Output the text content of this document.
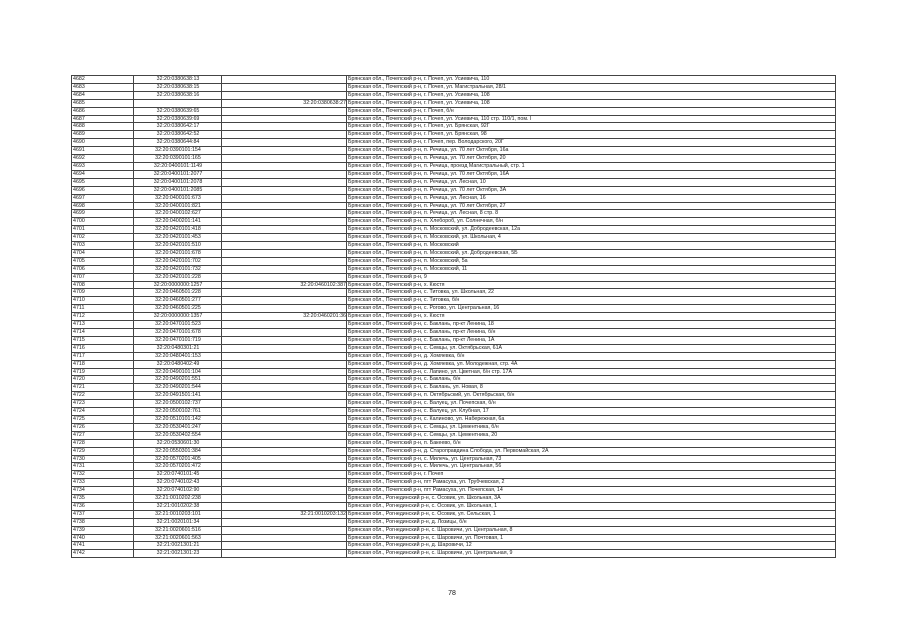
4682	32:20:0380638:13		Брянская обл., Почепский р-н, г. Почеп, ул. Усиевича, 110
4683	32:20:0380638:15		Брянская обл., Почепский р-н, г. Почеп, ул. Магистральная, 28/1
4684	32:20:0380638:16		Брянская обл., Почепский р-н, г. Почеп, ул. Усиевича, 108
4685		32:20:0380638:27	Брянская обл., Почепский р-н, г. Почеп, ул. Усиевича, 108
4686	32:20:0380639:65		Брянская обл., Почепский р-н, г. Почеп, б/н
4687	32:20:0380639:69		Брянская обл., Почепский р-н, г. Почеп, ул. Усиевича, 110 стр. 110/1, пом. I
4688	32:20:0380642:17		Брянская обл., Почепский р-н, г. Почеп, ул. Брянская, 92Г
4689	32:20:0380642:52		Брянская обл., Почепский р-н, г. Почеп, ул. Брянская, 98
4690	32:20:0380644:84		Брянская обл., Почепский р-н, г. Почеп, пер. Володарского, 20Г
4691	32:20:0390101:154		Брянская обл., Почепский р-н, п. Речица, ул. 70 лет Октября, 16а
4692	32:20:0390101:165		Брянская обл., Почепский р-н, п. Речица, ул. 70 лет Октября, 20
4693	32:20:0400101:1149		Брянская обл., Почепский р-н, п. Речица, проезд Магистральный, стр. 1
4694	32:20:0400101:2077		Брянская обл., Почепский р-н, п. Речица, ул. 70 лет Октября, 16А
4695	32:20:0400101:2078		Брянская обл., Почепский р-н, п. Речица, ул. Лесная, 10
4696	32:20:0400101:2085		Брянская обл., Почепский р-н, п. Речица, ул. 70 лет Октября, 3А
4697	32:20:0400101:673		Брянская обл., Почепский р-н, п. Речица, ул. Лесная, 16
4698	32:20:0400101:821		Брянская обл., Почепский р-н, п. Речица, ул. 70 лет Октября, 27
4699	32:20:0400102:627		Брянская обл., Почепский р-н, п. Речица, ул. Лесная, 8 стр. 8
4700	32:20:0400201:141		Брянская обл., Почепский р-н, п. Хлебороб, ул. Солнечная, б/н
4701	32:20:0420101:418		Брянская обл., Почепский р-н, п. Московский, ул. Добродеевская, 12а
4702	32:20:0420101:453		Брянская обл., Почепский р-н, п. Московский, ул. Школьная, 4
4703	32:20:0420101:510		Брянская обл., Почепский р-н, п. Московский
4704	32:20:0420101:678		Брянская обл., Почепский р-н, п. Московский, ул. Добродеевская, 5Б
4705	32:20:0420101:702		Брянская обл., Почепский р-н, п. Московский, 5а
4706	32:20:0420101:732		Брянская обл., Почепский р-н, п. Московский, 11
4707	32:20:0420101:228		Брянская обл., Почепский р-н, 9
4708	32:20:0000000:1257	32:20:0460102:387	Брянская обл., Почепский р-н, х. Кюстя
4709	32:20:0460501:228		Брянская обл., Почепский р-н, с. Титовка, ул. Школьная, 22
4710	32:20:0460501:277		Брянская обл., Почепский р-н, с. Титовка, б/н
4711	32:20:0460501:225		Брянская обл., Почепский р-н, с. Рогово, ул. Центральная, 16
4712	32:20:0000000:1357	32:20:0460201:36	Брянская обл., Почепский р-н, х. Кюстя
4713	32:20:0470101:523		Брянская обл., Почепский р-н, с. Баклань, пр-кт Ленина, 18
4714	32:20:0470101:678		Брянская обл., Почепский р-н, с. Баклань, пр-кт Ленина, б/н
4715	32:20:0470101:719		Брянская обл., Почепский р-н, с. Баклань, пр-кт Ленина, 1А
4716	32:20:0480301:21		Брянская обл., Почепский р-н, с. Семцы, ул. Октябрьская, 61А
4717	32:20:0480401:153		Брянская обл., Почепский р-н, д. Хомяевка, б/н
4718	32:20:0480402:49		Брянская обл., Почепский р-н, д. Хомяевка, ул. Молодежная, стр. 4А
4719	32:20:0490101:104		Брянская обл., Почепский р-н, с. Лапино, ул. Цветная, б/н стр. 17А
4720	32:20:0490201:551		Брянская обл., Почепский р-н, с. Баклань, б/н
4721	32:20:0490201:544		Брянская обл., Почепский р-н, с. Баклань, ул. Новая, 8
4722	32:20:0491501:141		Брянская обл., Почепский р-н, п. Октябрьский, ул. Октябрьская, б/н
4723	32:20:0500102:737		Брянская обл., Почепский р-н, с. Валуец, ул. Почепская, б/н
4724	32:20:0500102:761		Брянская обл., Почепский р-н, с. Валуец, ул. Клубная, 17
4725	32:20:0510101:142		Брянская обл., Почепский р-н, с. Калиново, ул. Набережная, 6а
4726	32:20:0530401:247		Брянская обл., Почепский р-н, с. Семцы, ул. Цементника, б/н
4727	32:20:0530402:554		Брянская обл., Почепский р-н, с. Семцы, ул. Цементника, 20
4728	32:20:0530601:30		Брянская обл., Почепский р-н, п. Бакеево, б/н
4729	32:20:0550301:384		Брянская обл., Почепский р-н, д. Староправдина Слобода, ул. Первомайская, 2А
4730	32:20:0570201:405		Брянская обл., Почепский р-н, с. Милечь, ул. Центральная, 73
4731	32:20:0570201:472		Брянская обл., Почепский р-н, с. Милечь, ул. Центральная, 56
4732	32:20:0740101:45		Брянская обл., Почепский р-н, г. Почеп
4733	32:20:0740102:43		Брянская обл., Почепский р-н, пгт Рамасуха, ул. Трубчевская, 2
4734	32:20:0740102:90		Брянская обл., Почепский р-н, пгт Рамасуха, ул. Почепская, 14
4735	32:21:0010202:238		Брянская обл., Рогнединский р-н, с. Осовик, ул. Школьная, 3А
4736	32:21:0010202:38		Брянская обл., Рогнединский р-н, с. Осовик, ул. Школьная, 1
4737	32:21:0010203:101	32:21:0010203:132	Брянская обл., Рогнединский р-н, с. Осовик, ул. Сельская, 1
4738	32:21:0020101:34		Брянская обл., Рогнединский р-н, д. Лозицы, б/н
4739	32:21:0020601:516		Брянская обл., Рогнединский р-н, с. Шаровичи, ул. Центральная, 8
4740	32:21:0020601:563		Брянская обл., Рогнединский р-н, с. Шаровичи, ул. Почтовая, 1
4741	32:21:0021301:21		Брянская обл., Рогнединский р-н, д. Шаровичи, 12
4742	32:21:0021301:23		Брянская обл., Рогнединский р-н, с. Шаровичи, ул. Центральная, 9
78
